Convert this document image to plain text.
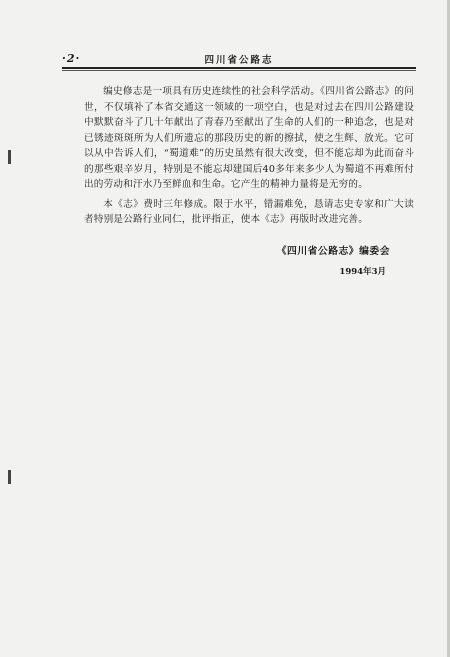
·2·	四川省公路志

编史修志是一项具有历史连续性的社会科学活动。《四川省公路志》的问世，不仅填补了本省交通这一领域的一项空白，也是对过去在四川公路建设中默默奋斗了几十年献出了青春乃至献出了生命的人们的一种追念，也是对已锈迹斑斑所为人们所遗忘的那段历史的新的擦拭，使之生辉、放光。它可以从中告诉人们，“蜀道难”的历史虽然有很大改变，但不能忘却为此而奋斗的那些艰辛岁月，特别是不能忘却建国后40多年来多少人为蜀道不再难所付出的劳动和汗水乃至鲜血和生命。它产生的精神力量将是无穷的。

本《志》费时三年修成。限于水平，错漏难免，恳请志史专家和广大读者特别是公路行业同仁，批评指正，使本《志》再版时改进完善。

《四川省公路志》编委会
1994年3月
